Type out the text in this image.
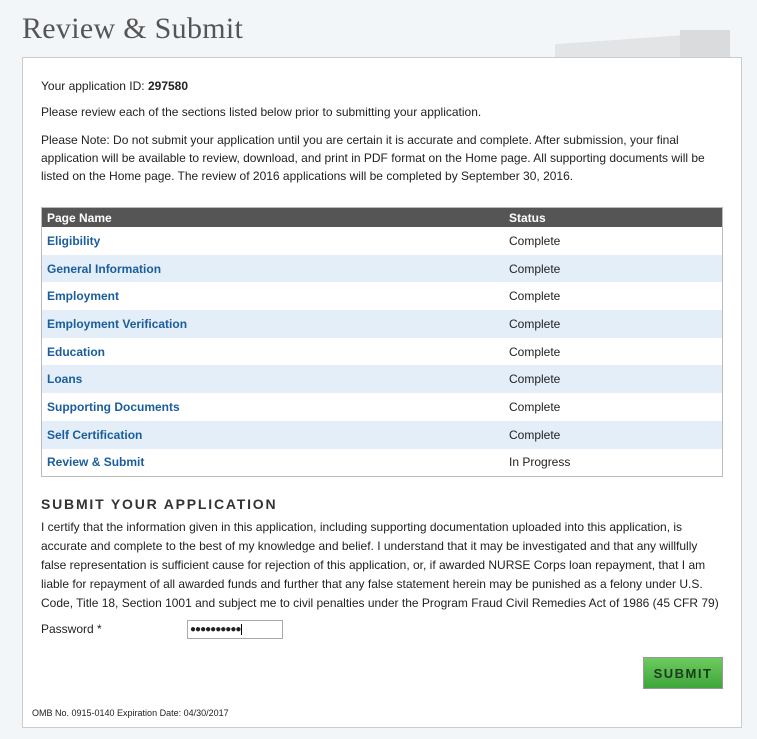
Review & Submit
Your application ID: 297580
Please review each of the sections listed below prior to submitting your application.
Please Note: Do not submit your application until you are certain it is accurate and complete. After submission, your final application will be available to review, download, and print in PDF format on the Home page. All supporting documents will be listed on the Home page. The review of 2016 applications will be completed by September 30, 2016.
Page Name	Status
Eligibility	Complete
General Information	Complete
Employment	Complete
Employment Verification	Complete
Education	Complete
Loans	Complete
Supporting Documents	Complete
Self Certification	Complete
Review & Submit	In Progress
SUBMIT YOUR APPLICATION
I certify that the information given in this application, including supporting documentation uploaded into this application, is accurate and complete to the best of my knowledge and belief. I understand that it may be investigated and that any willfully false representation is sufficient cause for rejection of this application, or, if awarded NURSE Corps loan repayment, that I am liable for repayment of all awarded funds and further that any false statement herein may be punished as a felony under U.S. Code, Title 18, Section 1001 and subject me to civil penalties under the Program Fraud Civil Remedies Act of 1986 (45 CFR 79)
Password *	●●●●●●●●●●
SUBMIT
OMB No. 0915-0140 Expiration Date: 04/30/2017
